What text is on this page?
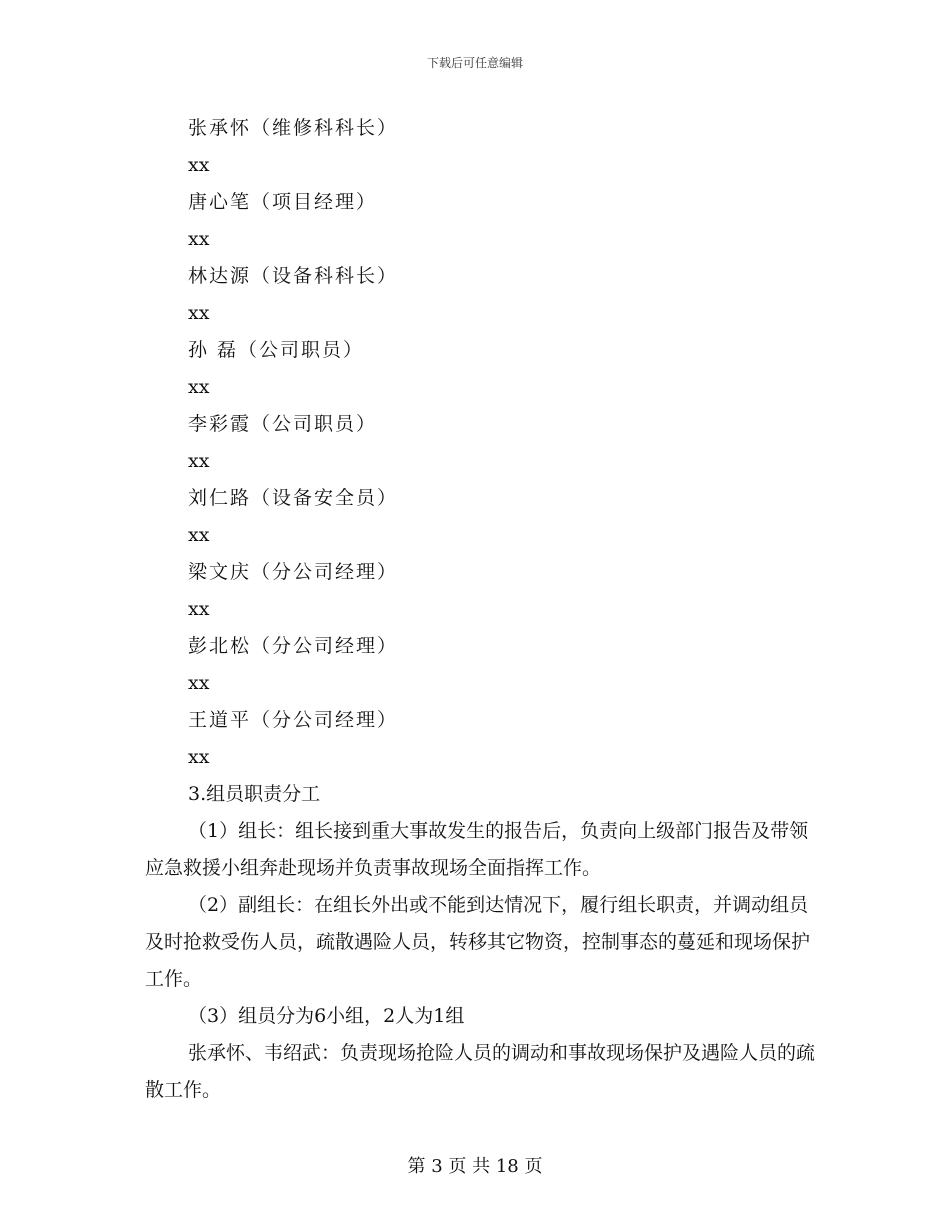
下载后可任意编辑
张承怀（维修科科长）
xx
唐心笔（项目经理）
xx
林达源（设备科科长）
xx
孙 磊（公司职员）
xx
李彩霞（公司职员）
xx
刘仁路（设备安全员）
xx
梁文庆（分公司经理）
xx
彭北松（分公司经理）
xx
王道平（分公司经理）
xx
3.组员职责分工

（1）组长：组长接到重大事故发生的报告后，负责向上级部门报告及带领应急救援小组奔赴现场并负责事故现场全面指挥工作。

（2）副组长：在组长外出或不能到达情况下，履行组长职责，并调动组员及时抢救受伤人员，疏散遇险人员，转移其它物资，控制事态的蔓延和现场保护工作。

（3）组员分为6小组，2人为1组

张承怀、韦绍武：负责现场抢险人员的调动和事故现场保护及遇险人员的疏散工作。

第 3 页 共 18 页
